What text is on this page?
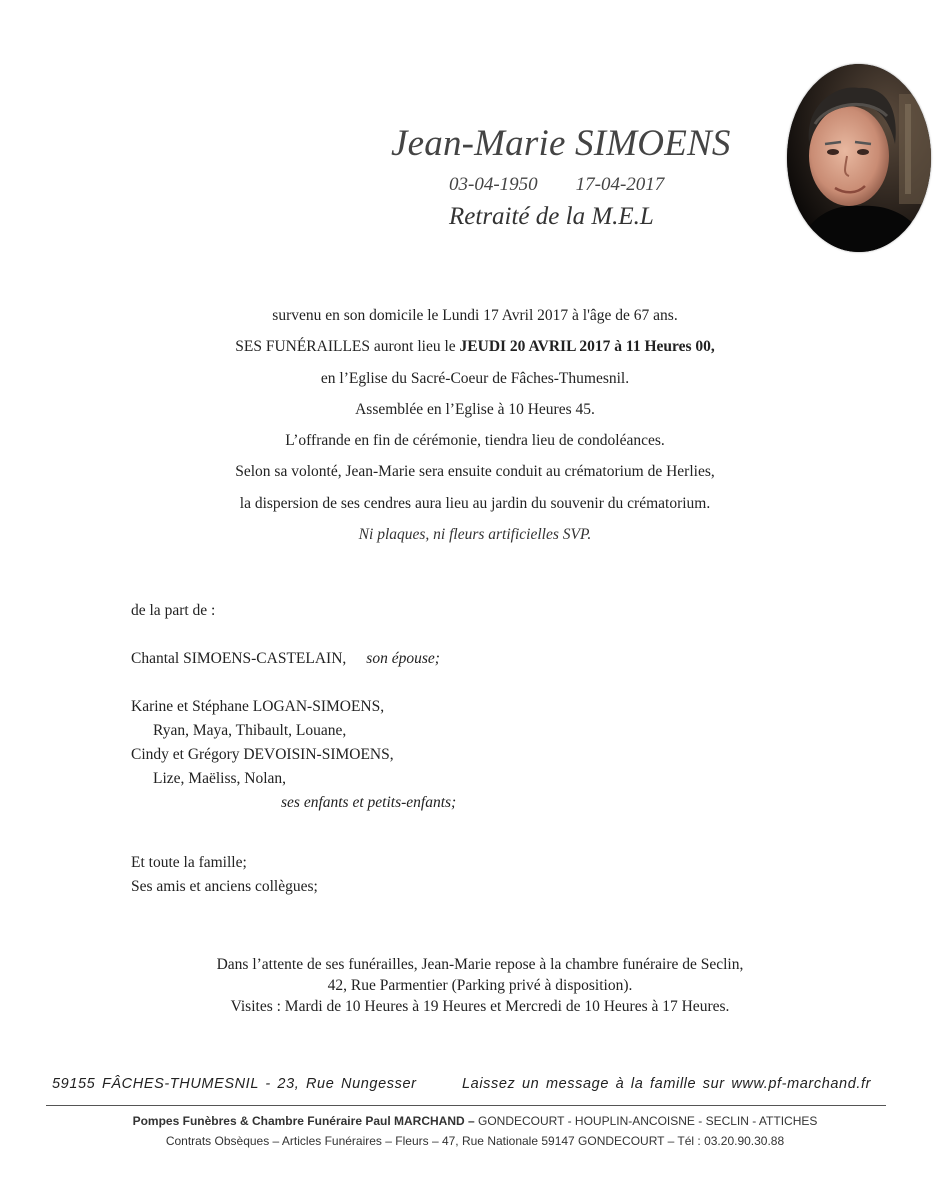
Jean-Marie SIMOENS
03-04-1950 17-04-2017
Retraité de la M.E.L

survenu en son domicile le Lundi 17 Avril 2017 à l'âge de 67 ans.

SES FUNÉRAILLES auront lieu le JEUDI 20 AVRIL 2017 à 11 Heures 00,

en l’Eglise du Sacré-Coeur de Fâches-Thumesnil.

Assemblée en l’Eglise à 10 Heures 45.

L’offrande en fin de cérémonie, tiendra lieu de condoléances.

Selon sa volonté, Jean-Marie sera ensuite conduit au crématorium de Herlies,

la dispersion de ses cendres aura lieu au jardin du souvenir du crématorium.

Ni plaques, ni fleurs artificielles SVP.

de la part de :

Chantal SIMOENS-CASTELAIN, son épouse;

Karine et Stéphane LOGAN-SIMOENS,

Ryan, Maya, Thibault, Louane,

Cindy et Grégory DEVOISIN-SIMOENS,

Lize, Maëliss, Nolan,

ses enfants et petits-enfants;

Et toute la famille;

Ses amis et anciens collègues;

Dans l’attente de ses funérailles, Jean-Marie repose à la chambre funéraire de Seclin,

42, Rue Parmentier (Parking privé à disposition).

Visites : Mardi de 10 Heures à 19 Heures et Mercredi de 10 Heures à 17 Heures.

59155 FÂCHES-THUMESNIL - 23, Rue Nungesser	Laissez un message à la famille sur www.pf-marchand.fr

Pompes Funèbres & Chambre Funéraire Paul MARCHAND – GONDECOURT - HOUPLIN-ANCOISNE - SECLIN - ATTICHES

Contrats Obsèques – Articles Funéraires – Fleurs – 47, Rue Nationale 59147 GONDECOURT – Tél : 03.20.90.30.88
